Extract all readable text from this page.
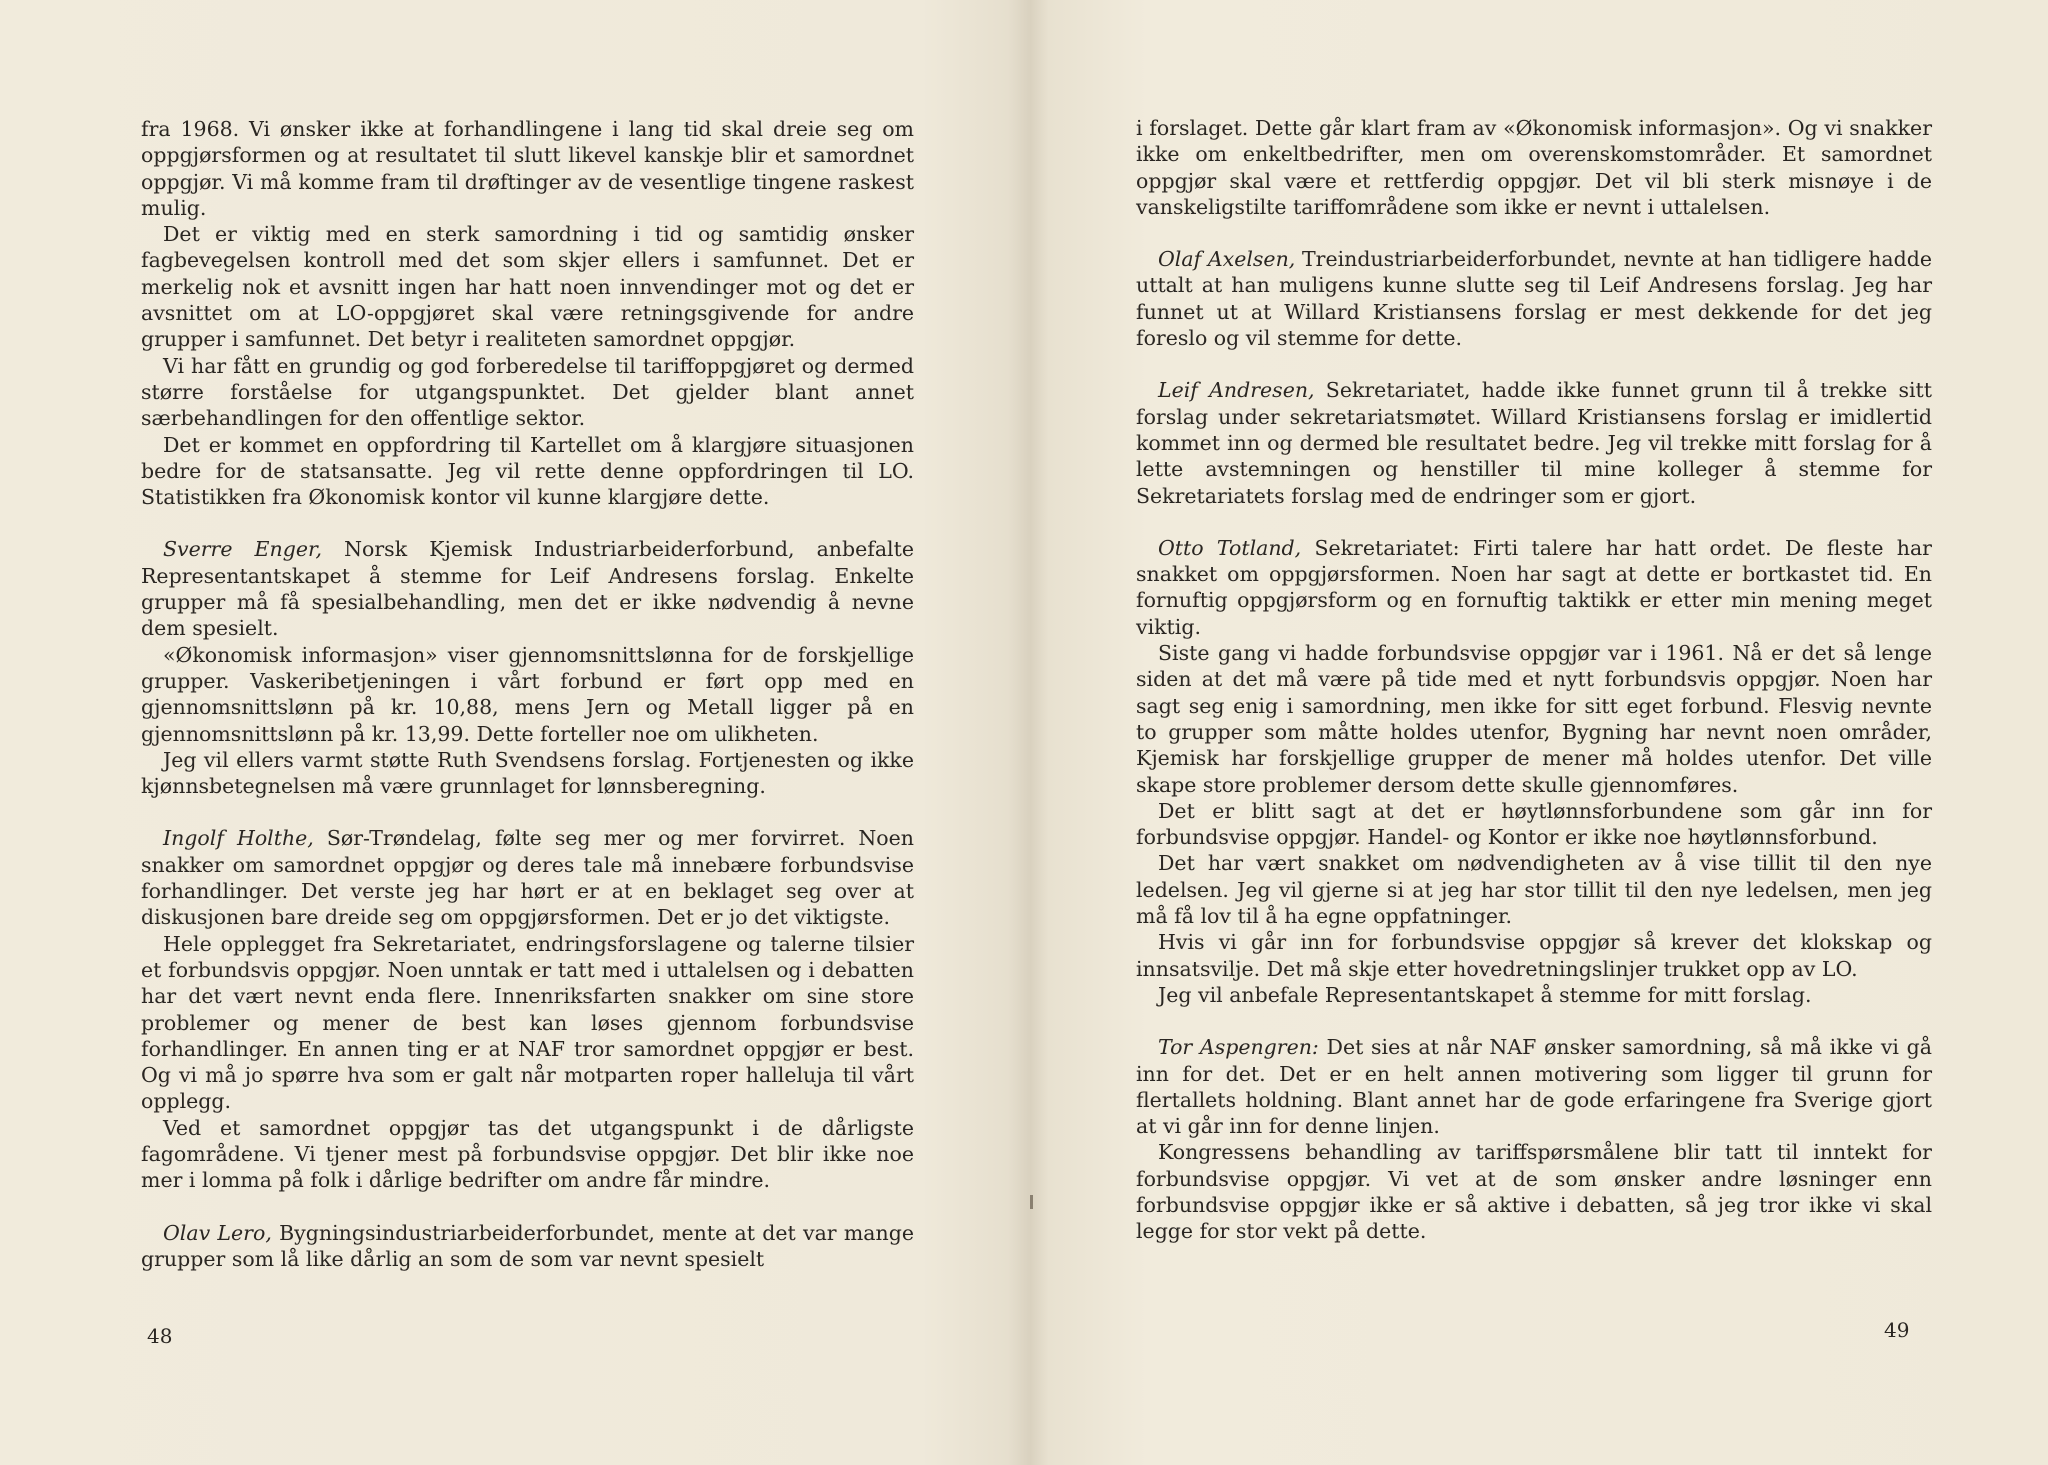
fra 1968. Vi ønsker ikke at forhandlingene i lang tid skal dreie seg om oppgjørsformen og at resultatet til slutt likevel kanskje blir et samordnet oppgjør. Vi må komme fram til drøftinger av de vesentlige tingene raskest mulig.

Det er viktig med en sterk samordning i tid og samtidig ønsker fagbevegelsen kontroll med det som skjer ellers i samfunnet. Det er merkelig nok et avsnitt ingen har hatt noen innvendinger mot og det er avsnittet om at LO-oppgjøret skal være retningsgivende for andre grupper i samfunnet. Det betyr i realiteten samordnet oppgjør.

Vi har fått en grundig og god forberedelse til tariffoppgjøret og dermed større forståelse for utgangspunktet. Det gjelder blant annet særbehandlingen for den offentlige sektor.

Det er kommet en oppfordring til Kartellet om å klargjøre situasjonen bedre for de statsansatte. Jeg vil rette denne oppfordringen til LO. Statistikken fra Økonomisk kontor vil kunne klargjøre dette.

Sverre Enger, Norsk Kjemisk Industriarbeiderforbund, anbefalte Representantskapet å stemme for Leif Andresens forslag. Enkelte grupper må få spesialbehandling, men det er ikke nødvendig å nevne dem spesielt.

«Økonomisk informasjon» viser gjennomsnittslønna for de forskjellige grupper. Vaskeribetjeningen i vårt forbund er ført opp med en gjennomsnittslønn på kr. 10,88, mens Jern og Metall ligger på en gjennomsnittslønn på kr. 13,99. Dette forteller noe om ulikheten.

Jeg vil ellers varmt støtte Ruth Svendsens forslag. Fortjenesten og ikke kjønnsbetegnelsen må være grunnlaget for lønnsberegning.

Ingolf Holthe, Sør-Trøndelag, følte seg mer og mer forvirret. Noen snakker om samordnet oppgjør og deres tale må innebære forbundsvise forhandlinger. Det verste jeg har hørt er at en beklaget seg over at diskusjonen bare dreide seg om oppgjørsformen. Det er jo det viktigste.

Hele opplegget fra Sekretariatet, endringsforslagene og talerne tilsier et forbundsvis oppgjør. Noen unntak er tatt med i uttalelsen og i debatten har det vært nevnt enda flere. Innenriksfarten snakker om sine store problemer og mener de best kan løses gjennom forbundsvise forhandlinger. En annen ting er at NAF tror samordnet oppgjør er best. Og vi må jo spørre hva som er galt når motparten roper halleluja til vårt opplegg.

Ved et samordnet oppgjør tas det utgangspunkt i de dårligste fagområdene. Vi tjener mest på forbundsvise oppgjør. Det blir ikke noe mer i lomma på folk i dårlige bedrifter om andre får mindre.

Olav Lero, Bygningsindustriarbeiderforbundet, mente at det var mange grupper som lå like dårlig an som de som var nevnt spesielt

48

i forslaget. Dette går klart fram av «Økonomisk informasjon». Og vi snakker ikke om enkeltbedrifter, men om overenskomstområder. Et samordnet oppgjør skal være et rettferdig oppgjør. Det vil bli sterk misnøye i de vanskeligstilte tariffområdene som ikke er nevnt i uttalelsen.

Olaf Axelsen, Treindustriarbeiderforbundet, nevnte at han tidligere hadde uttalt at han muligens kunne slutte seg til Leif Andresens forslag. Jeg har funnet ut at Willard Kristiansens forslag er mest dekkende for det jeg foreslo og vil stemme for dette.

Leif Andresen, Sekretariatet, hadde ikke funnet grunn til å trekke sitt forslag under sekretariatsmøtet. Willard Kristiansens forslag er imidlertid kommet inn og dermed ble resultatet bedre. Jeg vil trekke mitt forslag for å lette avstemningen og henstiller til mine kolleger å stemme for Sekretariatets forslag med de endringer som er gjort.

Otto Totland, Sekretariatet: Firti talere har hatt ordet. De fleste har snakket om oppgjørsformen. Noen har sagt at dette er bortkastet tid. En fornuftig oppgjørsform og en fornuftig taktikk er etter min mening meget viktig.

Siste gang vi hadde forbundsvise oppgjør var i 1961. Nå er det så lenge siden at det må være på tide med et nytt forbundsvis oppgjør. Noen har sagt seg enig i samordning, men ikke for sitt eget forbund. Flesvig nevnte to grupper som måtte holdes utenfor, Bygning har nevnt noen områder, Kjemisk har forskjellige grupper de mener må holdes utenfor. Det ville skape store problemer dersom dette skulle gjennomføres.

Det er blitt sagt at det er høytlønnsforbundene som går inn for forbundsvise oppgjør. Handel- og Kontor er ikke noe høytlønnsforbund.

Det har vært snakket om nødvendigheten av å vise tillit til den nye ledelsen. Jeg vil gjerne si at jeg har stor tillit til den nye ledelsen, men jeg må få lov til å ha egne oppfatninger.

Hvis vi går inn for forbundsvise oppgjør så krever det klokskap og innsatsvilje. Det må skje etter hovedretningslinjer trukket opp av LO.

Jeg vil anbefale Representantskapet å stemme for mitt forslag.

Tor Aspengren: Det sies at når NAF ønsker samordning, så må ikke vi gå inn for det. Det er en helt annen motivering som ligger til grunn for flertallets holdning. Blant annet har de gode erfaringene fra Sverige gjort at vi går inn for denne linjen.

Kongressens behandling av tariffspørsmålene blir tatt til inntekt for forbundsvise oppgjør. Vi vet at de som ønsker andre løsninger enn forbundsvise oppgjør ikke er så aktive i debatten, så jeg tror ikke vi skal legge for stor vekt på dette.

49
